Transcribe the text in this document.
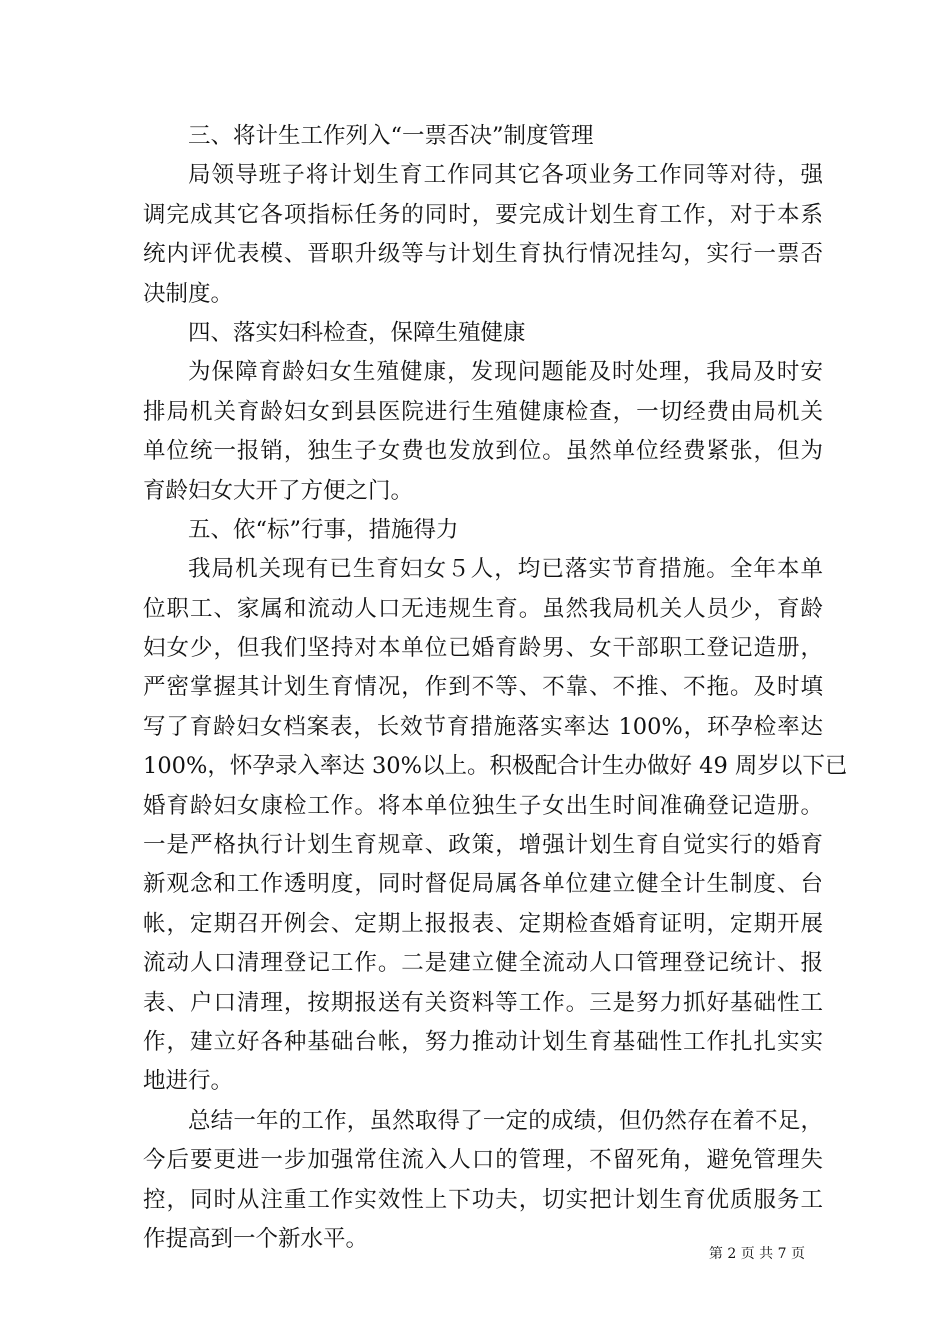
三、将计生工作列入“一票否决”制度管理
局领导班子将计划生育工作同其它各项业务工作同等对待，强
调完成其它各项指标任务的同时，要完成计划生育工作，对于本系
统内评优表模、晋职升级等与计划生育执行情况挂勾，实行一票否
决制度。
四、落实妇科检查，保障生殖健康
为保障育龄妇女生殖健康，发现问题能及时处理，我局及时安
排局机关育龄妇女到县医院进行生殖健康检查，一切经费由局机关
单位统一报销，独生子女费也发放到位。虽然单位经费紧张，但为
育龄妇女大开了方便之门。
五、依“标”行事，措施得力
我局机关现有已生育妇女５人，均已落实节育措施。全年本单
位职工、家属和流动人口无违规生育。虽然我局机关人员少，育龄
妇女少，但我们坚持对本单位已婚育龄男、女干部职工登记造册，
严密掌握其计划生育情况，作到不等、不靠、不推、不拖。及时填
写了育龄妇女档案表，长效节育措施落实率达 100%，环孕检率达
100%，怀孕录入率达 30%以上。积极配合计生办做好 49 周岁以下已
婚育龄妇女康检工作。将本单位独生子女出生时间准确登记造册。
一是严格执行计划生育规章、政策，增强计划生育自觉实行的婚育
新观念和工作透明度，同时督促局属各单位建立健全计生制度、台
帐，定期召开例会、定期上报报表、定期检查婚育证明，定期开展
流动人口清理登记工作。二是建立健全流动人口管理登记统计、报
表、户口清理，按期报送有关资料等工作。三是努力抓好基础性工
作，建立好各种基础台帐，努力推动计划生育基础性工作扎扎实实
地进行。
总结一年的工作，虽然取得了一定的成绩，但仍然存在着不足，
今后要更进一步加强常住流入人口的管理，不留死角，避免管理失
控，同时从注重工作实效性上下功夫，切实把计划生育优质服务工
作提高到一个新水平。
第 2 页 共 7 页
